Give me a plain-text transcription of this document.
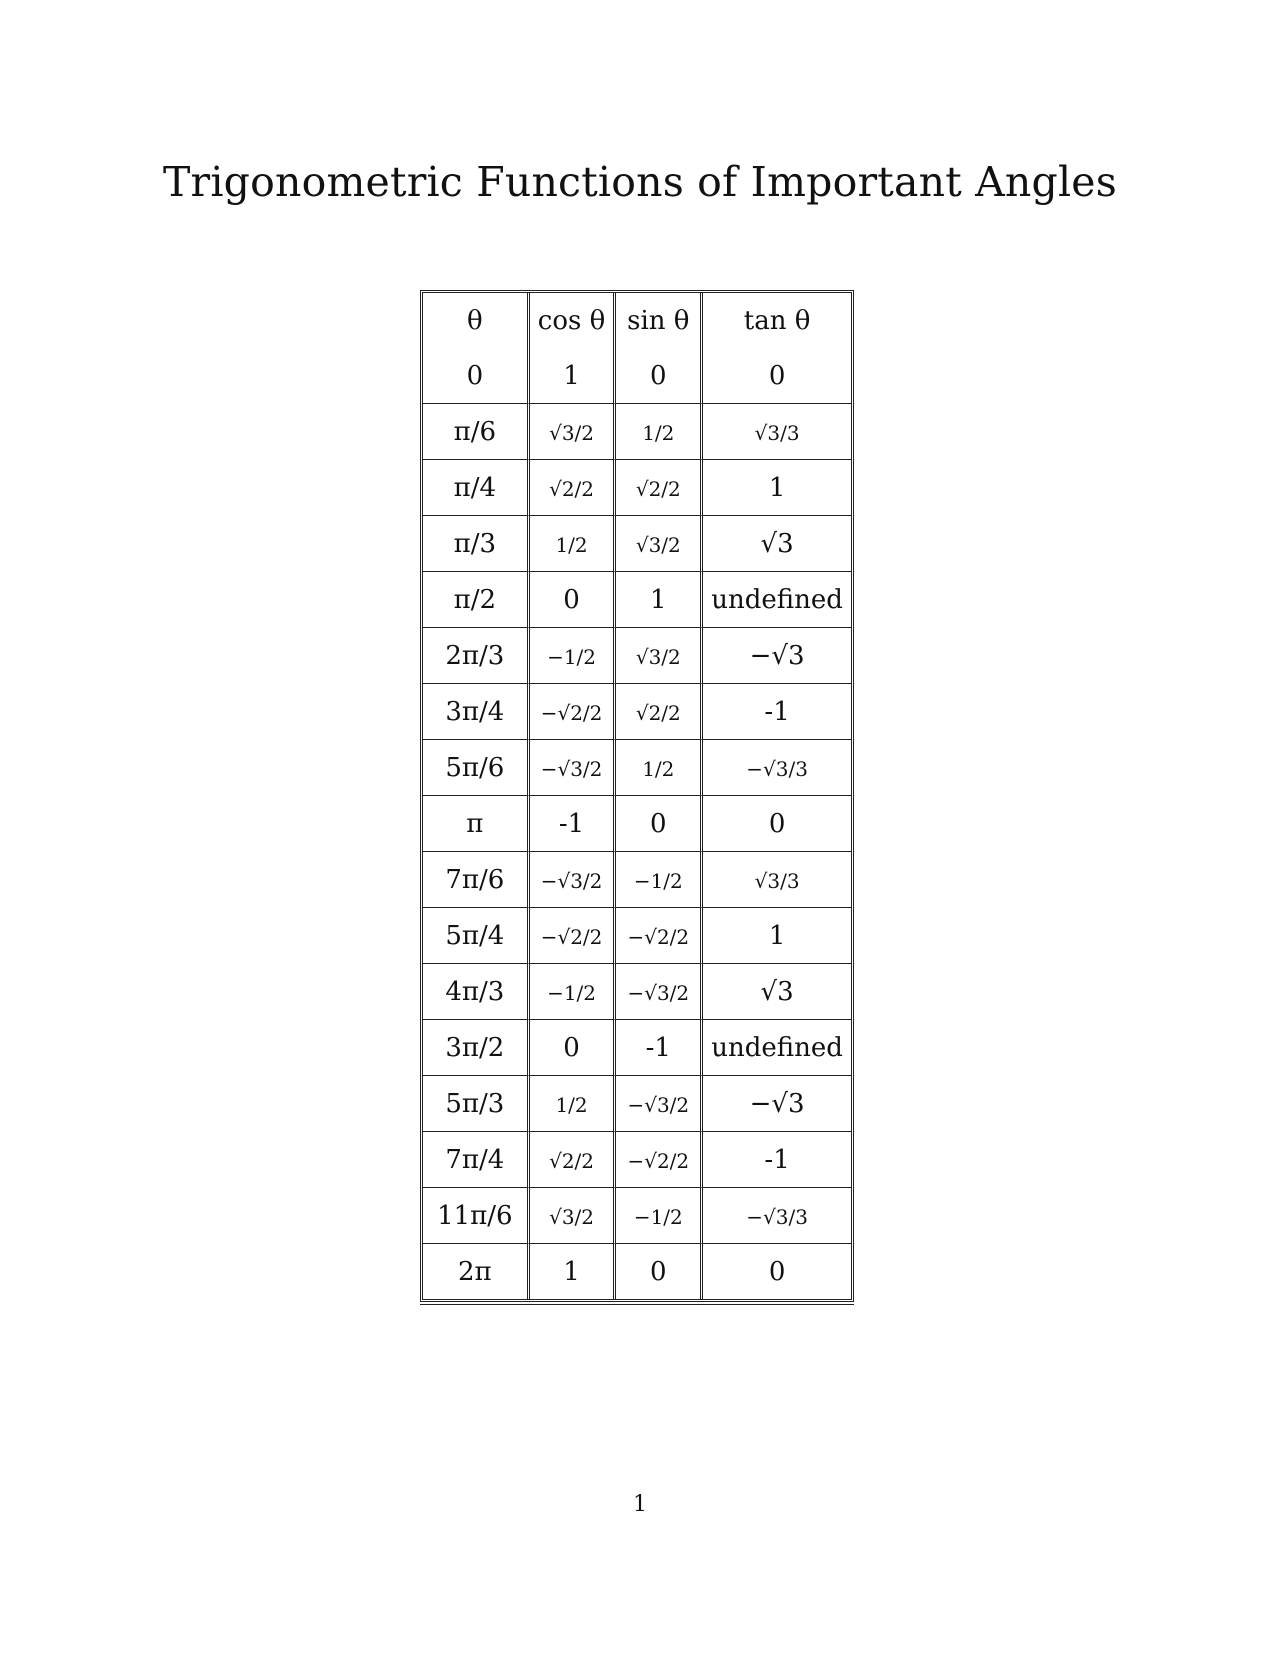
Trigonometric Functions of Important Angles
θ	cos θ	sin θ	tan θ
0	1	0	0
π/6	√3/2	1/2	√3/3
π/4	√2/2	√2/2	1
π/3	1/2	√3/2	√3
π/2	0	1	undefined
2π/3	−1/2	√3/2	−√3
3π/4	−√2/2	√2/2	-1
5π/6	−√3/2	1/2	−√3/3
π	-1	0	0
7π/6	−√3/2	−1/2	√3/3
5π/4	−√2/2	−√2/2	1
4π/3	−1/2	−√3/2	√3
3π/2	0	-1	undefined
5π/3	1/2	−√3/2	−√3
7π/4	√2/2	−√2/2	-1
11π/6	√3/2	−1/2	−√3/3
2π	1	0	0
1
